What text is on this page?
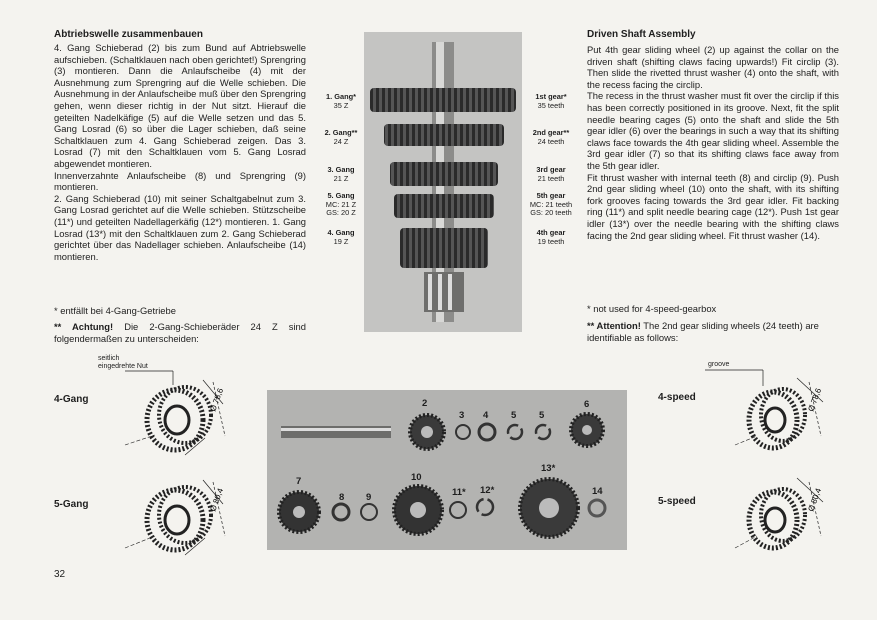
Abtriebswelle zusammenbauen

4. Gang Schieberad (2) bis zum Bund auf Abtriebswelle aufschieben. (Schaltklauen nach oben gerichtet!) Sprengring (3) montieren. Dann die Anlaufscheibe (4) mit der Ausnehmung zum Sprengring auf die Welle schieben. Die Ausnehmung in der Anlaufscheibe muß über den Sprengring gehen, wenn dieser richtig in der Nut sitzt. Hierauf die geteilten Nadelkäfige (5) auf die Welle setzen und das 5. Gang Losrad (6) so über die Lager schieben, daß seine Schaltklauen zum 4. Gang Schieberad zeigen. Das 3. Losrad (7) mit den Schaltklauen vom 5. Gang Losrad abgewendet montieren.

Innenverzahnte Anlaufscheibe (8) und Sprengring (9) montieren.

2. Gang Schieberad (10) mit seiner Schaltgabelnut zum 3. Gang Losrad gerichtet auf die Welle schieben. Stützscheibe (11*) und geteilten Nadellagerkäfig (12*) montieren. 1. Gang Losrad (13*) mit den Schaltklauen zum 2. Gang Schieberad gerichtet über das Nadellager schieben. Anlaufscheibe (14) montieren.

* entfällt bei 4-Gang-Getriebe
** Achtung! Die 2-Gang-Schieberäder 24 Z sind folgendermaßen zu unterscheiden:
Driven Shaft Assembly

Put 4th gear sliding wheel (2) up against the collar on the driven shaft (shifting claws facing upwards!) Fit circlip (3). Then slide the rivetted thrust washer (4) onto the shaft, with the recess facing the circlip.

The recess in the thrust washer must fit over the circlip if this has been correctly positioned in its groove. Next, fit the split needle bearing cages (5) onto the shaft and slide the 5th gear idler (6) over the bearings in such a way that its shifting claws face towards the 4th gear sliding wheel. Assemble the 3rd gear idler (7) so that its shifting claws face away from the 5th gear idler.

Fit thrust washer with internal teeth (8) and circlip (9). Push 2nd gear sliding wheel (10) onto the shaft, with its shifting fork grooves facing towards the 3rd gear idler. Fit backing ring (11*) and split needle bearing cage (12*). Push 1st gear idler (13*) over the needle bearing with the shifting claws facing the 2nd gear sliding wheel. Fit thrust washer (14).

* not used for 4-speed-gearbox
** Attention! The 2nd gear sliding wheels (24 teeth) are identifiable as follows:
1. Gang*
35 Z
2. Gang**
24 Z
3. Gang
21 Z
5. Gang
MC: 21 Z
GS: 20 Z
4. Gang
19 Z
1st gear*
35 teeth
2nd gear**
24 teeth
3rd gear
21 teeth
5th gear
MC: 21 teeth
GS: 20 teeth
4th gear
19 teeth
seitlich
eingedrehte Nut
4-Gang
5-Gang
Ø 78,6
Ø 80,4
groove
4-speed
5-speed
Ø 78,6
Ø 80,4
2
3 4 5 5
6
7
8 9
10
11* 12*
13*
14
32
